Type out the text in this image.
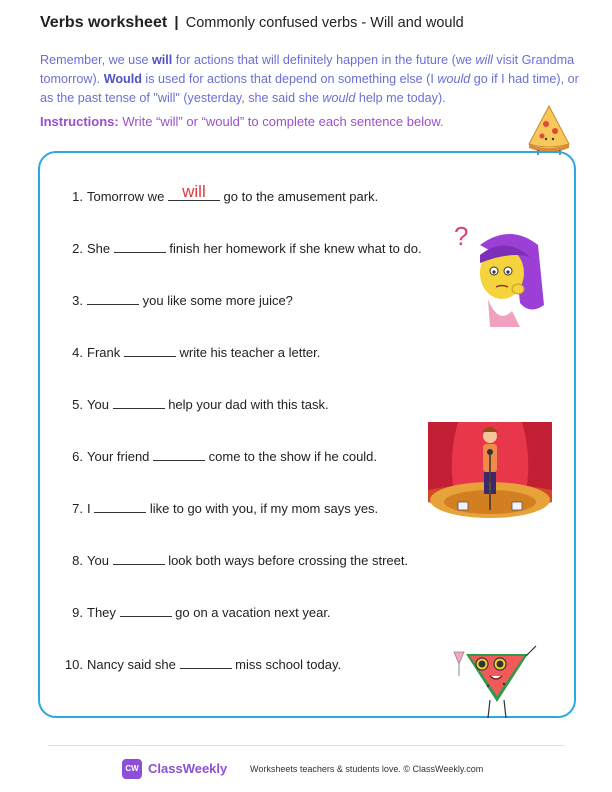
Verbs worksheet | Commonly confused verbs - Will and would
Remember, we use will for actions that will definitely happen in the future (we will visit Grandma tomorrow). Would is used for actions that depend on something else (I would go if I had time), or as the past tense of "will" (yesterday, she said she would help me today).
Instructions: Write “will” or “would” to complete each sentence below.
1. Tomorrow we	will	go to the amusement park.
2. She	finish her homework if she knew what to do.
3.	you like some more juice?
4. Frank	write his teacher a letter.
5. You	help your dad with this task.
6. Your friend	come to the show if he could.
7. I	like to go with you, if my mom says yes.
8. You	look both ways before crossing the street.
9. They	go on a vacation next year.
10. Nancy said she	miss school today.
?
CW ClassWeekly	Worksheets teachers & students love. © ClassWeekly.com
